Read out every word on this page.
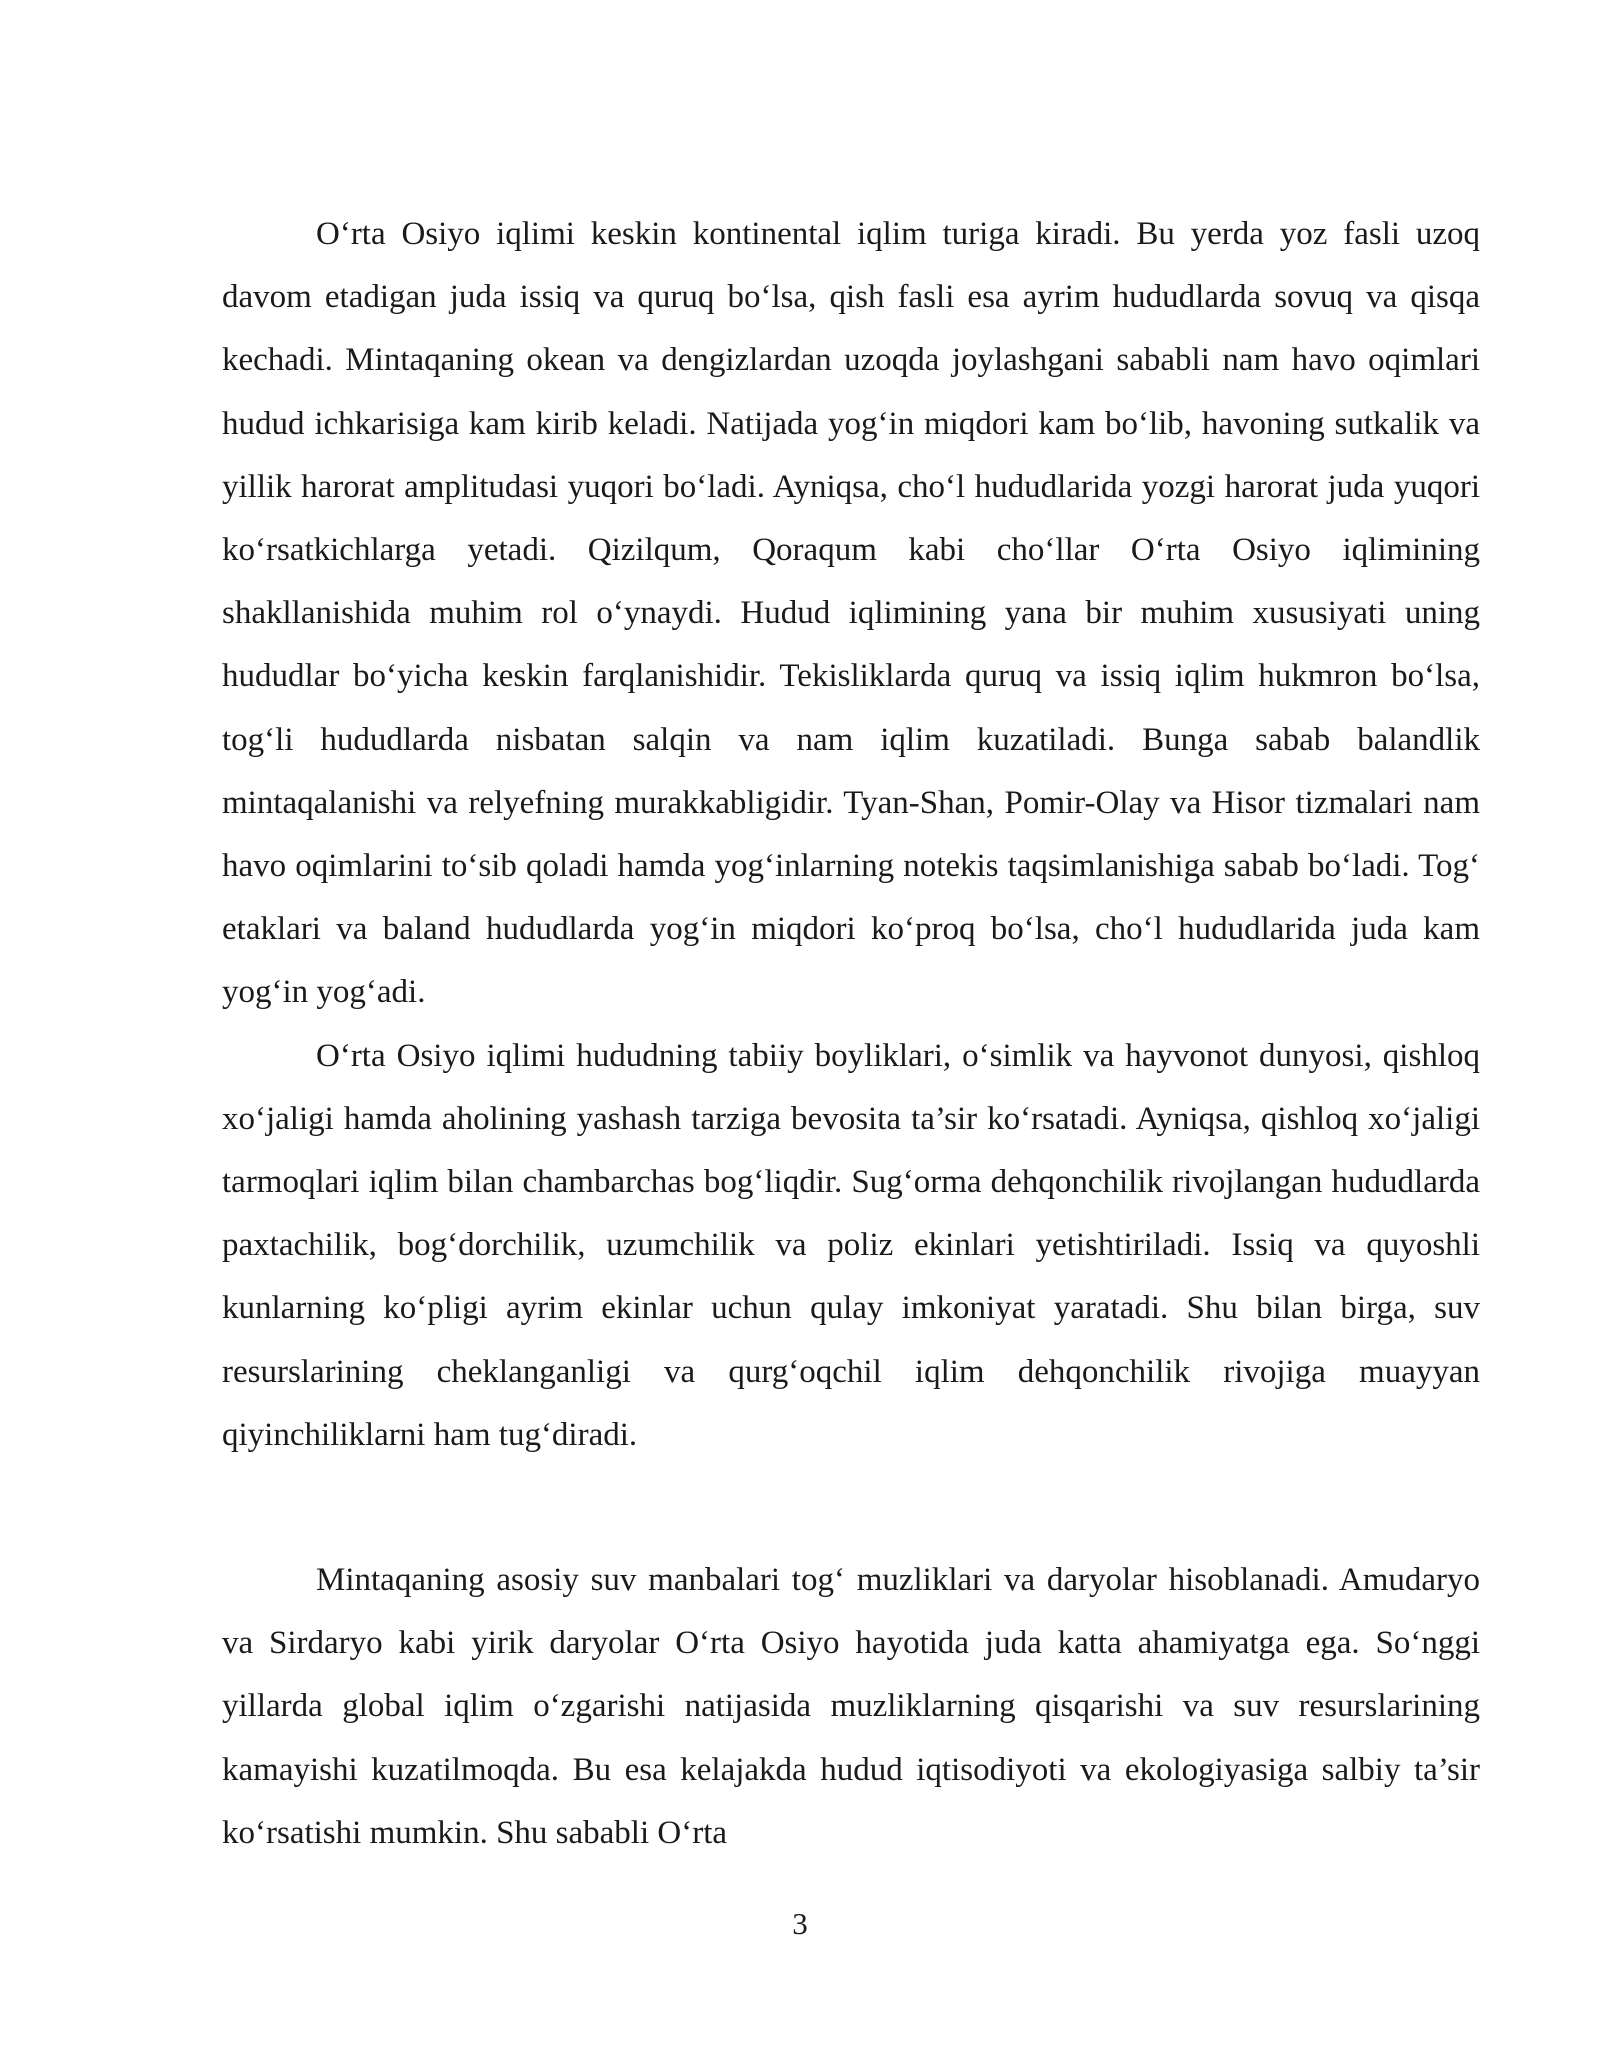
O‘rta Osiyo iqlimi keskin kontinental iqlim turiga kiradi. Bu yerda yoz fasli uzoq davom etadigan juda issiq va quruq bo‘lsa, qish fasli esa ayrim hududlarda sovuq va qisqa kechadi. Mintaqaning okean va dengizlardan uzoqda joylashgani sababli nam havo oqimlari hudud ichkarisiga kam kirib keladi. Natijada yog‘in miqdori kam bo‘lib, havoning sutkalik va yillik harorat amplitudasi yuqori bo‘ladi. Ayniqsa, cho‘l hududlarida yozgi harorat juda yuqori ko‘rsatkichlarga yetadi. Qizilqum, Qoraqum kabi cho‘llar O‘rta Osiyo iqlimining shakllanishida muhim rol o‘ynaydi. Hudud iqlimining yana bir muhim xususiyati uning hududlar bo‘yicha keskin farqlanishidir. Tekisliklarda quruq va issiq iqlim hukmron bo‘lsa, tog‘li hududlarda nisbatan salqin va nam iqlim kuzatiladi. Bunga sabab balandlik mintaqalanishi va relyefning murakkabligidir. Tyan-Shan, Pomir-Olay va Hisor tizmalari nam havo oqimlarini to‘sib qoladi hamda yog‘inlarning notekis taqsimlanishiga sabab bo‘ladi. Tog‘ etaklari va baland hududlarda yog‘in miqdori ko‘proq bo‘lsa, cho‘l hududlarida juda kam yog‘in yog‘adi.

O‘rta Osiyo iqlimi hududning tabiiy boyliklari, o‘simlik va hayvonot dunyosi, qishloq xo‘jaligi hamda aholining yashash tarziga bevosita ta’sir ko‘rsatadi. Ayniqsa, qishloq xo‘jaligi tarmoqlari iqlim bilan chambarchas bog‘liqdir. Sug‘orma dehqonchilik rivojlangan hududlarda paxtachilik, bog‘dorchilik, uzumchilik va poliz ekinlari yetishtiriladi. Issiq va quyoshli kunlarning ko‘pligi ayrim ekinlar uchun qulay imkoniyat yaratadi. Shu bilan birga, suv resurslarining cheklanganligi va qurg‘oqchil iqlim dehqonchilik rivojiga muayyan qiyinchiliklarni ham tug‘diradi.

Mintaqaning asosiy suv manbalari tog‘ muzliklari va daryolar hisoblanadi. Amudaryo va Sirdaryo kabi yirik daryolar O‘rta Osiyo hayotida juda katta ahamiyatga ega. So‘nggi yillarda global iqlim o‘zgarishi natijasida muzliklarning qisqarishi va suv resurslarining kamayishi kuzatilmoqda. Bu esa kelajakda hudud iqtisodiyoti va ekologiyasiga salbiy ta’sir ko‘rsatishi mumkin. Shu sababli O‘rta

3
